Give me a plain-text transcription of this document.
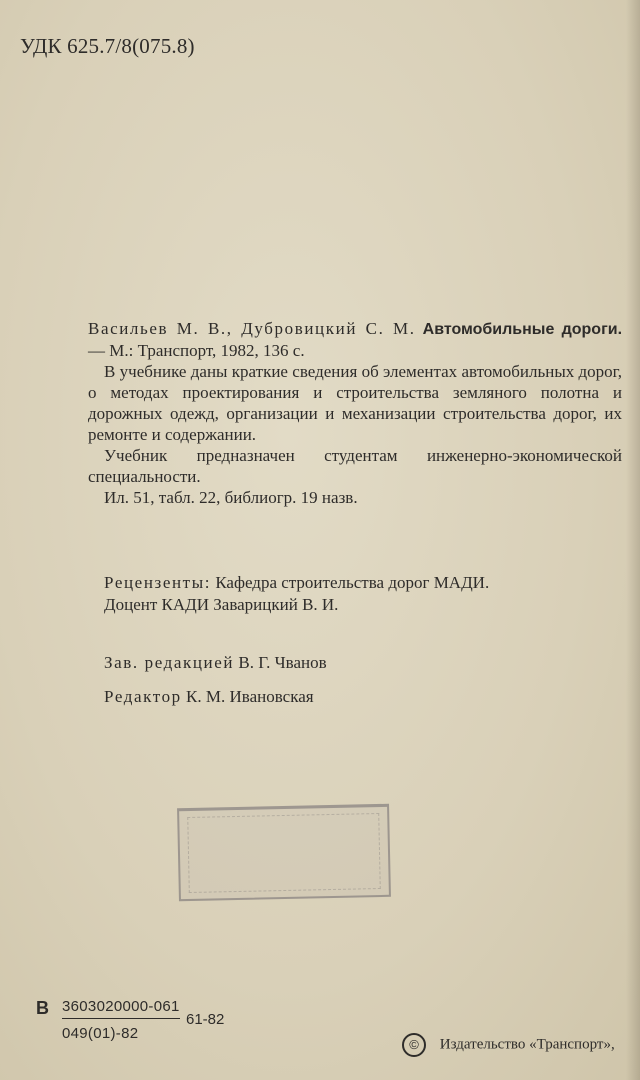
УДК 625.7/8(075.8)

Васильев М. В., Дубровицкий С. М. Автомобильные дороги. — М.: Транспорт, 1982, 136 с.

В учебнике даны краткие сведения об элементах автомобильных дорог, о методах проектирования и строительства земляного полотна и дорожных одежд, организации и механизации строительства дорог, их ремонте и содержании.

Учебник предназначен студентам инженерно-экономической специальности.

Ил. 51, табл. 22, библиогр. 19 назв.

Рецензенты: Кафедра строительства дорог МАДИ.
Доцент КАДИ Заварицкий В. И.
Зав. редакцией В. Г. Чванов
Редактор К. М. Ивановская
В $\frac{3603020000-061}{049(01)-82} 61-82$
© Издательство «Транспорт»,
